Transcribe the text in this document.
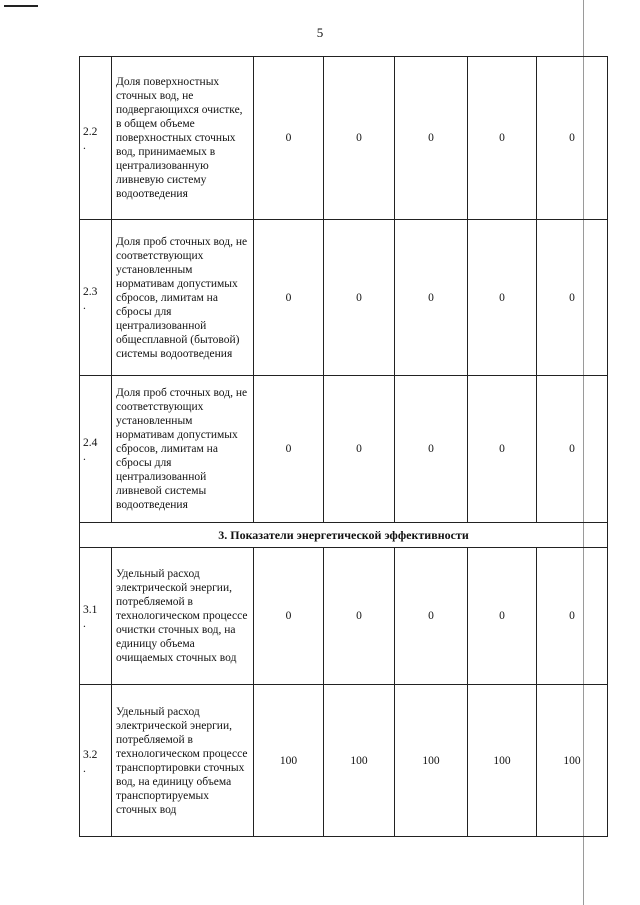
5
2.2
.	Доля поверхностных сточных вод, не подвергающихся очистке, в общем объеме поверхностных сточных вод, принимаемых в централизованную ливневую систему водоотведения	0	0	0	0	0
2.3
.	Доля проб сточных вод, не соответствующих установленным нормативам допустимых сбросов, лимитам на сбросы для централизованной общесплавной (бытовой) системы водоотведения	0	0	0	0	0
2.4
.	Доля проб сточных вод, не соответствующих установленным нормативам допустимых сбросов, лимитам на сбросы для централизованной ливневой системы водоотведения	0	0	0	0	0
3. Показатели энергетической эффективности						
3.1
.	Удельный расход электрической энергии, потребляемой в технологическом процессе очистки сточных вод, на единицу объема очищаемых сточных вод	0	0	0	0	0
3.2
.	Удельный расход электрической энергии, потребляемой в технологическом процессе транспортировки сточных вод, на единицу объема транспортируемых сточных вод	100	100	100	100	100
